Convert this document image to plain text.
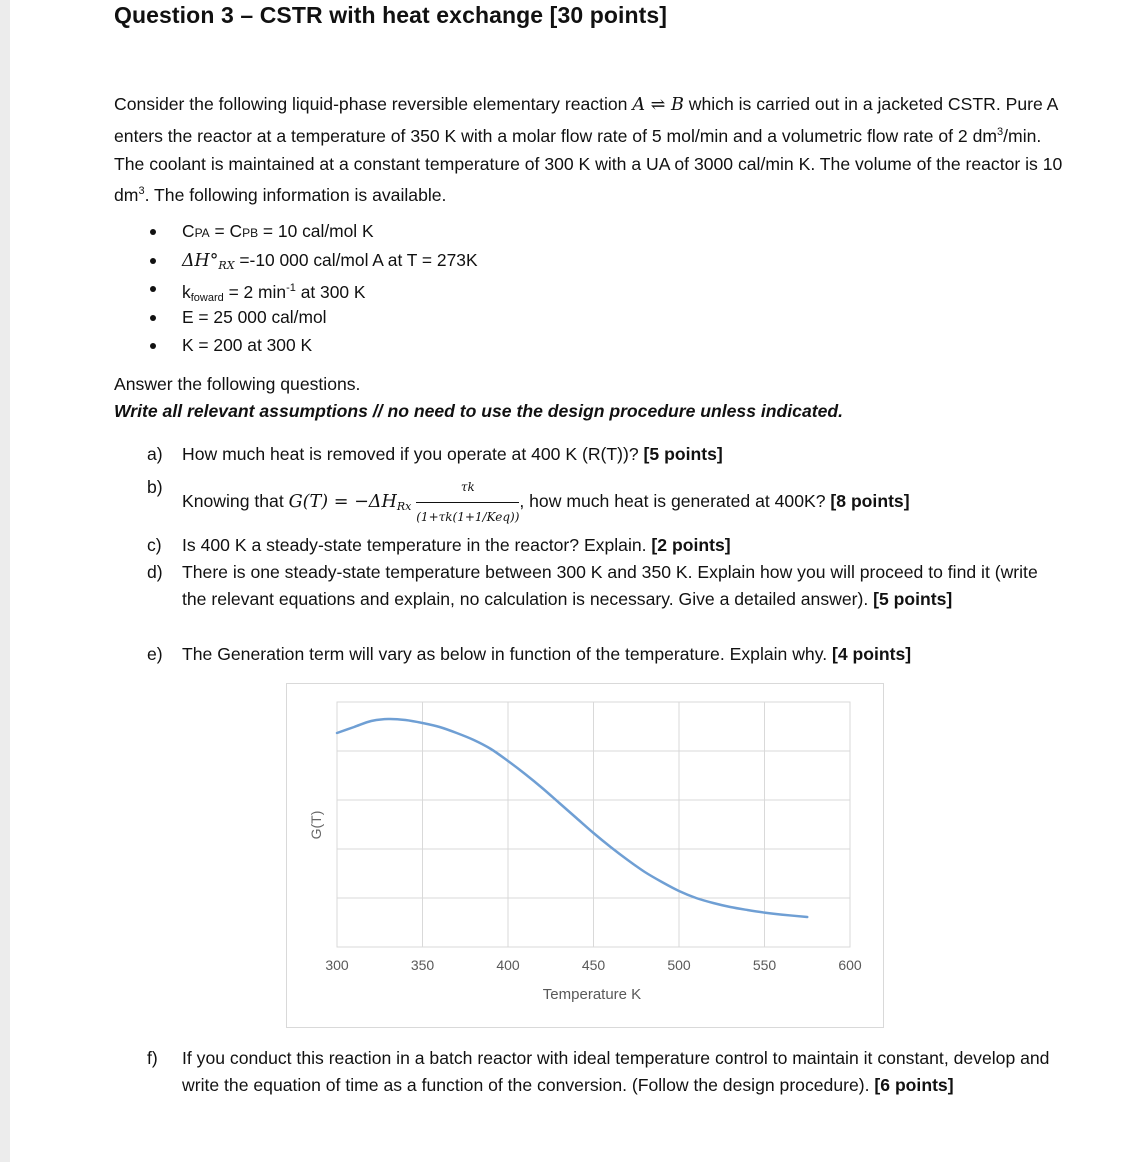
Question 3 – CSTR with heat exchange [30 points]
Consider the following liquid-phase reversible elementary reaction A ⇌ B which is carried out in a jacketed CSTR. Pure A enters the reactor at a temperature of 350 K with a molar flow rate of 5 mol/min and a volumetric flow rate of 2 $dm^3/\min$. The coolant is maintained at a constant temperature of 300 K with a UA of 3000 cal/min K. The volume of the reactor is 10 $dm^3$. The following information is available.
CPA = CPB = 10 cal/mol K
$\Delta H^\circ_{RX} =-10$ 000 cal/mol A at T = 273K
$k_{foward} = 2$ $\min^{-1}$ at 300 K
E = 25 000 cal/mol
K = 200 at 300 K
Answer the following questions.
Write all relevant assumptions // no need to use the design procedure unless indicated.
a) How much heat is removed if you operate at 400 K (R(T))? [5 points]
b)
Knowing that $G(T) = -\Delta H_{Rx} \frac{\tau k}{\text{(1+τk(1+1/Keq))}}$ , how much heat is generated at 400K? [8 points]
c) Is 400 K a steady-state temperature in the reactor? Explain. [2 points]
d) There is one steady-state temperature between 300 K and 350 K. Explain how you will proceed to find it (write the relevant equations and explain, no calculation is necessary. Give a detailed answer). [5 points]
e) The Generation term will vary as below in function of the temperature. Explain why. [4 points]
G(T)
300	350	400	450	500	550	600
Temperature K
f) If you conduct this reaction in a batch reactor with ideal temperature control to maintain it constant, develop and write the equation of time as a function of the conversion. (Follow the design procedure). [6 points]
